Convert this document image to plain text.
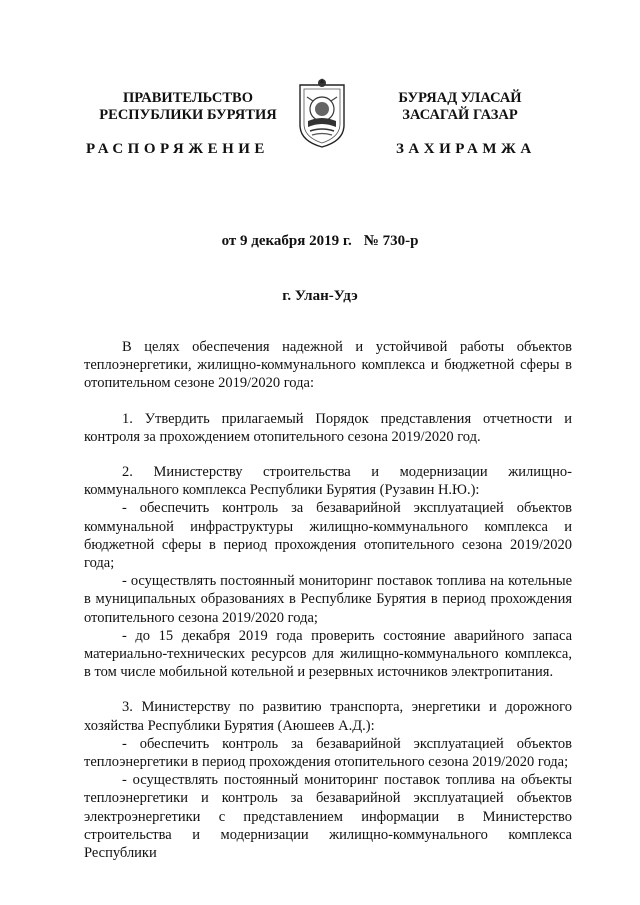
ПРАВИТЕЛЬСТВО
РЕСПУБЛИКИ БУРЯТИЯ
БУРЯАД УЛАСАЙ
ЗАСАГАЙ ГАЗАР
РАСПОРЯЖЕНИЕ	ЗАХИРАМЖА
от 9 декабря 2019 г. № 730-р
г. Улан-Удэ

В целях обеспечения надежной и устойчивой работы объектов теплоэнергетики, жилищно-коммунального комплекса и бюджетной сферы в отопительном сезоне 2019/2020 года:

1. Утвердить прилагаемый Порядок представления отчетности и контроля за прохождением отопительного сезона 2019/2020 год.

2. Министерству строительства и модернизации жилищно-коммунального комплекса Республики Бурятия (Рузавин Н.Ю.):

- обеспечить контроль за безаварийной эксплуатацией объектов коммунальной инфраструктуры жилищно-коммунального комплекса и бюджетной сферы в период прохождения отопительного сезона 2019/2020 года;

- осуществлять постоянный мониторинг поставок топлива на котельные в муниципальных образованиях в Республике Бурятия в период прохождения отопительного сезона 2019/2020 года;

- до 15 декабря 2019 года проверить состояние аварийного запаса материально-технических ресурсов для жилищно-коммунального комплекса, в том числе мобильной котельной и резервных источников электропитания.

3. Министерству по развитию транспорта, энергетики и дорожного хозяйства Республики Бурятия (Аюшеев А.Д.):

- обеспечить контроль за безаварийной эксплуатацией объектов теплоэнергетики в период прохождения отопительного сезона 2019/2020 года;

- осуществлять постоянный мониторинг поставок топлива на объекты теплоэнергетики и контроль за безаварийной эксплуатацией объектов электроэнергетики с представлением информации в Министерство строительства и модернизации жилищно-коммунального комплекса Республики
